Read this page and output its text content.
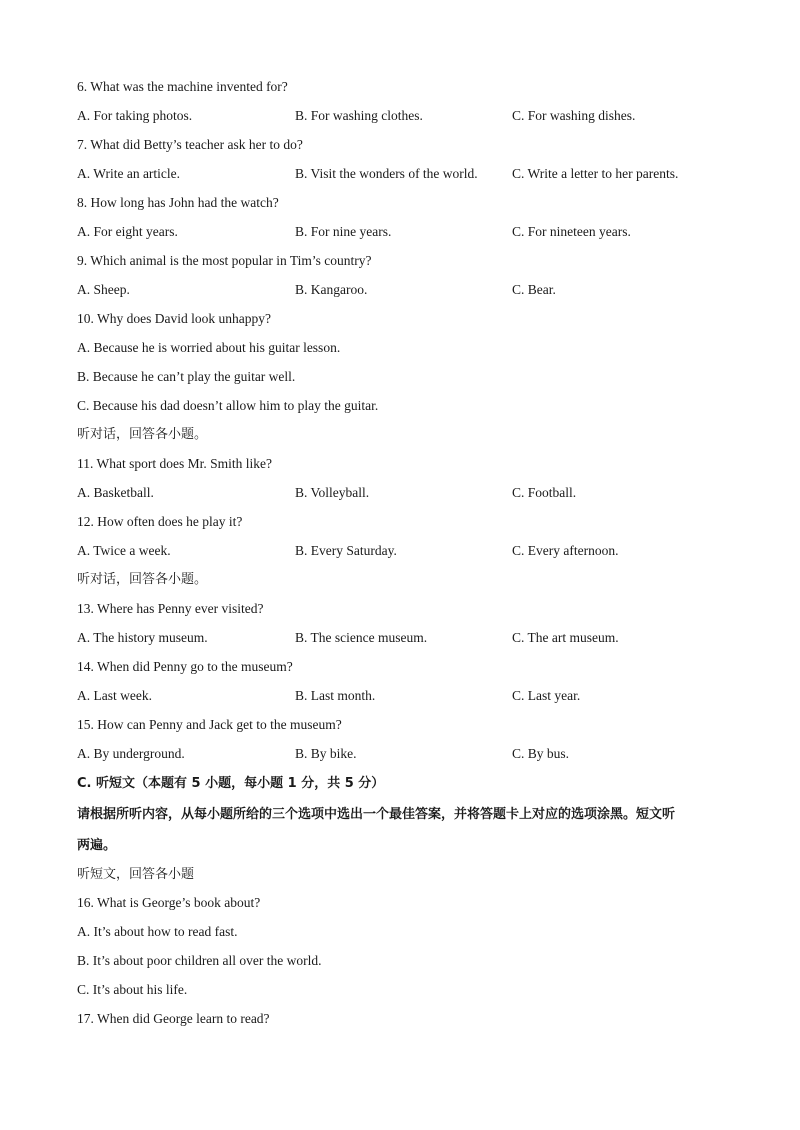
6. What was the machine invented for?
A. For taking photos.	B. For washing clothes.	C. For washing dishes.
7. What did Betty’s teacher ask her to do?
A. Write an article.	B. Visit the wonders of the world.	C. Write a letter to her parents.
8. How long has John had the watch?
A. For eight years.	B. For nine years.	C. For nineteen years.
9. Which animal is the most popular in Tim’s country?
A. Sheep.	B. Kangaroo.	C. Bear.
10. Why does David look unhappy?
A. Because he is worried about his guitar lesson.
B. Because he can’t play the guitar well.
C. Because his dad doesn’t allow him to play the guitar.
听对话，回答各小题。
11. What sport does Mr. Smith like?
A. Basketball.	B. Volleyball.	C. Football.
12. How often does he play it?
A. Twice a week.	B. Every Saturday.	C. Every afternoon.
听对话，回答各小题。
13. Where has Penny ever visited?
A. The history museum.	B. The science museum.	C. The art museum.
14. When did Penny go to the museum?
A. Last week.	B. Last month.	C. Last year.
15. How can Penny and Jack get to the museum?
A. By underground.	B. By bike.	C. By bus.
C. 听短文（本题有 5 小题，每小题 1 分，共 5 分）
请根据所听内容，从每小题所给的三个选项中选出一个最佳答案，并将答题卡上对应的选项涂黑。短文听
两遍。
听短文，回答各小题
16. What is George’s book about?
A. It’s about how to read fast.
B. It’s about poor children all over the world.
C. It’s about his life.
17. When did George learn to read?
